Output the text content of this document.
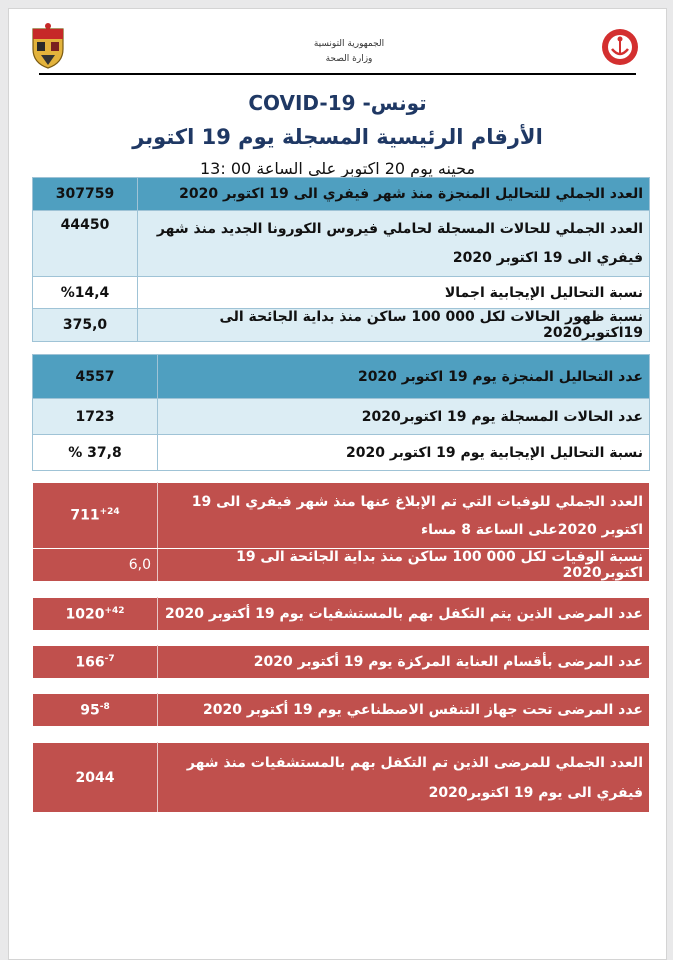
الجمهورية التونسية
وزارة الصحة
COVID-19 -تونس
الأرقام الرئيسية المسجلة يوم 19 اكتوبر
محينه يوم 20 اكتوبر على الساعة 00 :13
العدد الجملي للتحاليل المنجزة منذ شهر فيفري الى 19 اكتوبر 2020	307759
العدد الجملي للحالات المسجلة لحاملي فيروس الكورونا الجديد منذ شهر فيفري الى 19 اكتوبر 2020	44450
نسبة التحاليل الإيجابية اجمالا	%14,4
نسبة ظهور الحالات لكل 000 100 ساكن منذ بداية الجائحة الى 19اكتوبر2020	375,0
عدد التحاليل المنجزة يوم 19 اكتوبر 2020	4557
عدد الحالات المسجلة يوم 19 اكتوبر2020	1723
نسبة التحاليل الإيجابية يوم 19 اكتوبر 2020	% 37,8
العدد الجملي للوفيات التي تم الإبلاغ عنها منذ شهر فيفري الى 19 اكتوبر 2020على الساعة 8 مساء	$711^{+24}$
نسبة الوفيات لكل 000 100 ساكن منذ بداية الجائحة الى 19 اكتوبر2020	6,0
عدد المرضى الذين يتم التكفل بهم بالمستشفيات يوم 19 أكتوبر 2020	$1020^{+42}$
عدد المرضى بأقسام العناية المركزة يوم 19 أكتوبر 2020	$166^{-7}$
عدد المرضى تحت جهاز التنفس الاصطناعي يوم 19 أكتوبر 2020	$95^{-8}$
العدد الجملي للمرضى الذين تم التكفل بهم بالمستشفيات منذ شهر فيفري الى يوم 19 اكتوبر2020	2044
